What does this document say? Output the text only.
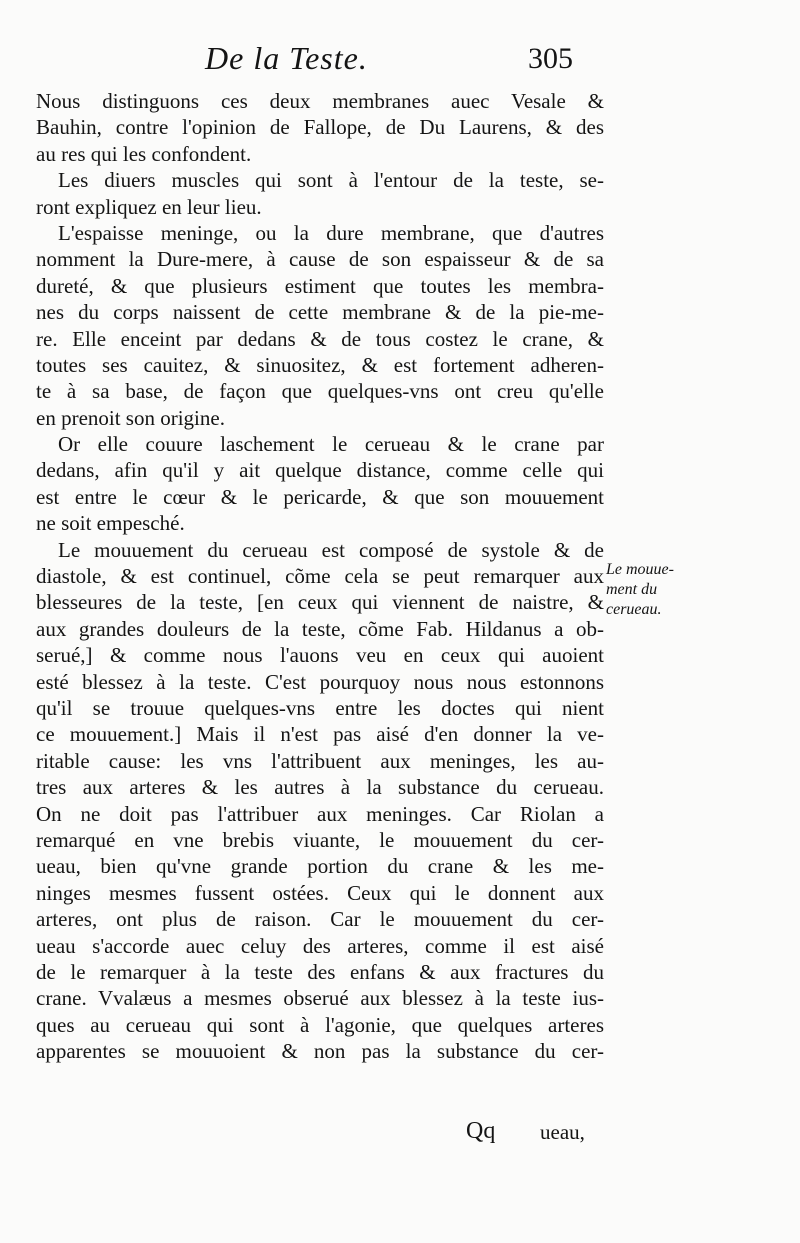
De la Teste.	305
Nous distinguons ces deux membranes auec Vesale &
Bauhin, contre l'opinion de Fallope, de Du Laurens, & des
au res qui les confondent.
Les diuers muscles qui sont à l'entour de la teste, se-
ront expliquez en leur lieu.
L'espaisse meninge, ou la dure membrane, que d'autres
nomment la Dure-mere, à cause de son espaisseur & de sa
dureté, & que plusieurs estiment que toutes les membra-
nes du corps naissent de cette membrane & de la pie-me-
re. Elle enceint par dedans & de tous costez le crane, &
toutes ses cauitez, & sinuositez, & est fortement adheren-
te à sa base, de façon que quelques-vns ont creu qu'elle
en prenoit son origine.
Or elle couure laschement le cerueau & le crane par
dedans, afin qu'il y ait quelque distance, comme celle qui
est entre le cœur & le pericarde, & que son mouuement
ne soit empesché.
Le mouuement du cerueau est composé de systole & de
diastole, & est continuel, cõme cela se peut remarquer aux
blesseures de la teste, [en ceux qui viennent de naistre, &
aux grandes douleurs de la teste, cõme Fab. Hildanus a ob-
serué,] & comme nous l'auons veu en ceux qui auoient
esté blessez à la teste. C'est pourquoy nous nous estonnons
qu'il se trouue quelques-vns entre les doctes qui nient
ce mouuement.] Mais il n'est pas aisé d'en donner la ve-
ritable cause: les vns l'attribuent aux meninges, les au-
tres aux arteres & les autres à la substance du cerueau.
On ne doit pas l'attribuer aux meninges. Car Riolan a
remarqué en vne brebis viuante, le mouuement du cer-
ueau, bien qu'vne grande portion du crane & les me-
ninges mesmes fussent ostées. Ceux qui le donnent aux
arteres, ont plus de raison. Car le mouuement du cer-
ueau s'accorde auec celuy des arteres, comme il est aisé
de le remarquer à la teste des enfans & aux fractures du
crane. Vvalæus a mesmes obserué aux blessez à la teste ius-
ques au cerueau qui sont à l'agonie, que quelques arteres
apparentes se mouuoient & non pas la substance du cer-
Le mouue-
ment du
cerueau.
Qq ueau,
